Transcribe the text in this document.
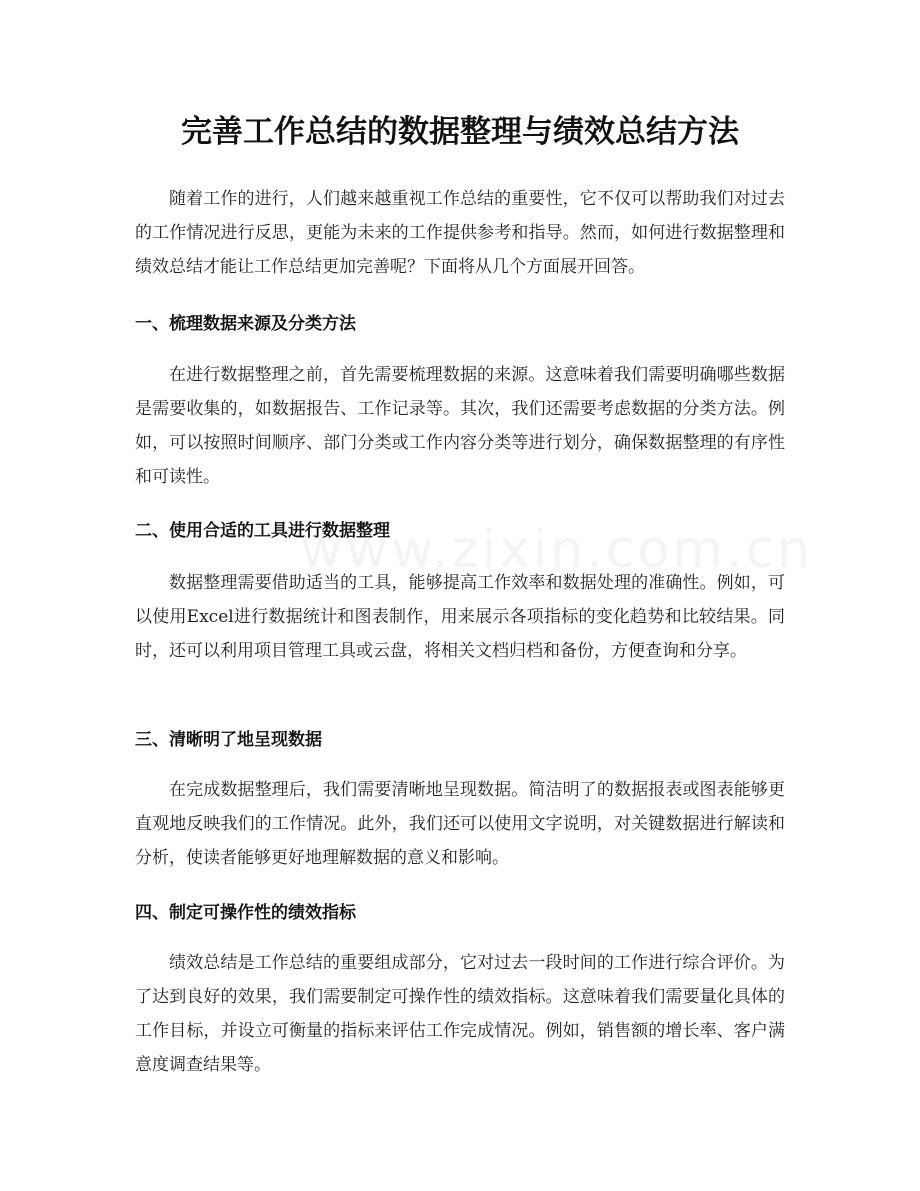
完善工作总结的数据整理与绩效总结方法

随着工作的进行，人们越来越重视工作总结的重要性，它不仅可以帮助我们对过去的工作情况进行反思，更能为未来的工作提供参考和指导。然而，如何进行数据整理和绩效总结才能让工作总结更加完善呢？下面将从几个方面展开回答。

一、梳理数据来源及分类方法

在进行数据整理之前，首先需要梳理数据的来源。这意味着我们需要明确哪些数据是需要收集的，如数据报告、工作记录等。其次，我们还需要考虑数据的分类方法。例如，可以按照时间顺序、部门分类或工作内容分类等进行划分，确保数据整理的有序性和可读性。

二、使用合适的工具进行数据整理

数据整理需要借助适当的工具，能够提高工作效率和数据处理的准确性。例如，可以使用Excel进行数据统计和图表制作，用来展示各项指标的变化趋势和比较结果。同时，还可以利用项目管理工具或云盘，将相关文档归档和备份，方便查询和分享。

三、清晰明了地呈现数据

在完成数据整理后，我们需要清晰地呈现数据。简洁明了的数据报表或图表能够更直观地反映我们的工作情况。此外，我们还可以使用文字说明，对关键数据进行解读和分析，使读者能够更好地理解数据的意义和影响。

四、制定可操作性的绩效指标

绩效总结是工作总结的重要组成部分，它对过去一段时间的工作进行综合评价。为了达到良好的效果，我们需要制定可操作性的绩效指标。这意味着我们需要量化具体的工作目标，并设立可衡量的指标来评估工作完成情况。例如，销售额的增长率、客户满意度调查结果等。
